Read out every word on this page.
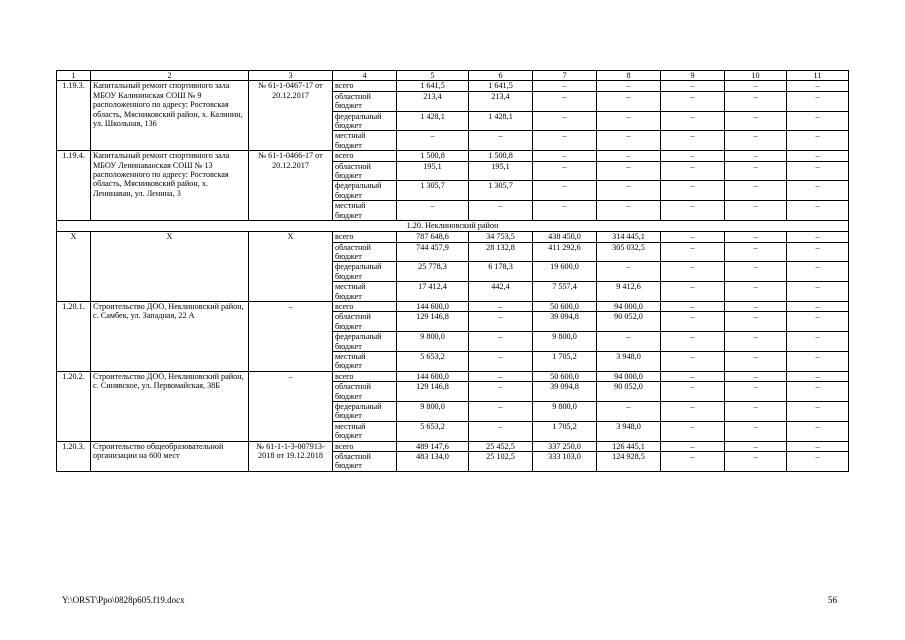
1	2	3	4	5	6	7	8	9	10	11
1.19.3.	Капитальный ремонт спортивного зала МБОУ Калининская СОШ № 9 расположенного по адресу: Ростовская область, Мясниковский район, х. Калинин, ул. Школьная, 136	№ 61-1-0467-17 от 20.12.2017	всего	1 641,5	1 641,5	–	–	–	–	–
			областной бюджет	213,4	213,4	–	–	–	–	–
			федеральный бюджет	1 428,1	1 428,1	–	–	–	–	–
			местный бюджет	–	–	–	–	–	–	–
1.19.4.	Капитальный ремонт спортивного зала МБОУ Ленинаванская СОШ № 13 расположенного по адресу: Ростовская область, Мясниковский район, х. Ленинаван, ул. Ленина, 3	№ 61-1-0466-17 от 20.12.2017	всего	1 500,8	1 500,8	–	–	–	–	–
			областной бюджет	195,1	195,1	–	–	–	–	–
			федеральный бюджет	1 305,7	1 305,7	–	–	–	–	–
			местный бюджет	–	–	–	–	–	–	–
1.20. Неклиновский район										
Х	Х	Х	всего	787 648,6	34 753,5	438 450,0	314 445,1	–	–	–
			областной бюджет	744 457,9	28 132,8	411 292,6	305 032,5	–	–	–
			федеральный бюджет	25 778,3	6 178,3	19 600,0	–	–	–	–
			местный бюджет	17 412,4	442,4	7 557,4	9 412,6	–	–	–
1.20.1.	Строительство ДОО, Неклиновский район, с. Самбек, ул. Западная, 22 А	–	всего	144 600,0	–	50 600,0	94 000,0	–	–	–
			областной бюджет	129 146,8	–	39 094,8	90 052,0	–	–	–
			федеральный бюджет	9 800,0	–	9 800,0	–	–	–	–
			местный бюджет	5 653,2	–	1 705,2	3 948,0	–	–	–
1.20.2.	Строительство ДОО, Неклиновский район, с. Синявское, ул. Первомайская, 38Б	–	всего	144 600,0	–	50 600,0	94 000,0	–	–	–
			областной бюджет	129 146,8	–	39 094,8	90 052,0	–	–	–
			федеральный бюджет	9 800,0	–	9 800,0	–	–	–	–
			местный бюджет	5 653,2	–	1 705,2	3 948,0	–	–	–
1.20.3.	Строительство общеобразовательной организации на 600 мест	№ 61-1-1-3-007913-2018 от 19.12.2018	всего	489 147,6	25 452,5	337 250,0	126 445,1	–	–	–
			областной бюджет	483 134,0	25 102,5	333 103,0	124 928,5	–	–	–
Y:\ORST\Ppo\0828p605.f19.docx	56
